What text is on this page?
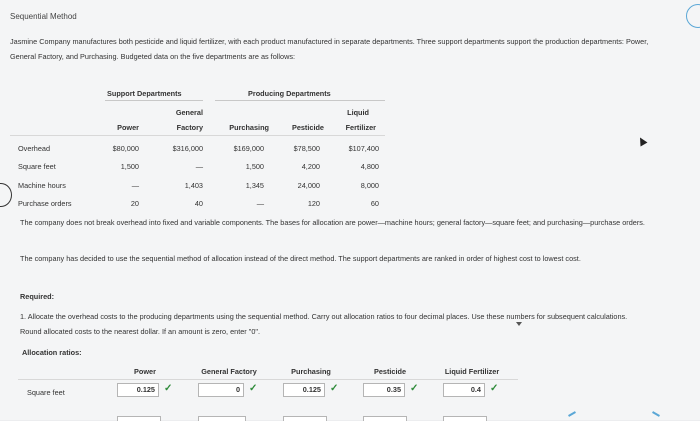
Sequential Method
Jasmine Company manufactures both pesticide and liquid fertilizer, with each product manufactured in separate departments. Three support departments support the production departments: Power, General Factory, and Purchasing. Budgeted data on the five departments are as follows:
Support Departments	Producing Departments
General	Liquid
Power	Factory	Purchasing	Pesticide	Fertilizer
Overhead	$80,000	$316,000	$169,000	$78,500	$107,400
Square feet	1,500	—	1,500	4,200	4,800
Machine hours	—	1,403	1,345	24,000	8,000
Purchase orders	20	40	—	120	60
The company does not break overhead into fixed and variable components. The bases for allocation are power—machine hours; general factory—square feet; and purchasing—purchase orders.
The company has decided to use the sequential method of allocation instead of the direct method. The support departments are ranked in order of highest cost to lowest cost.
Required:
1. Allocate the overhead costs to the producing departments using the sequential method. Carry out allocation ratios to four decimal places. Use these numbers for subsequent calculations. Round allocated costs to the nearest dollar. If an amount is zero, enter "0".
Allocation ratios:
Power	General Factory	Purchasing	Pesticide	Liquid Fertilizer
Square feet	0.125 ✓	0 ✓	0.125 ✓	0.35 ✓	0.4 ✓
